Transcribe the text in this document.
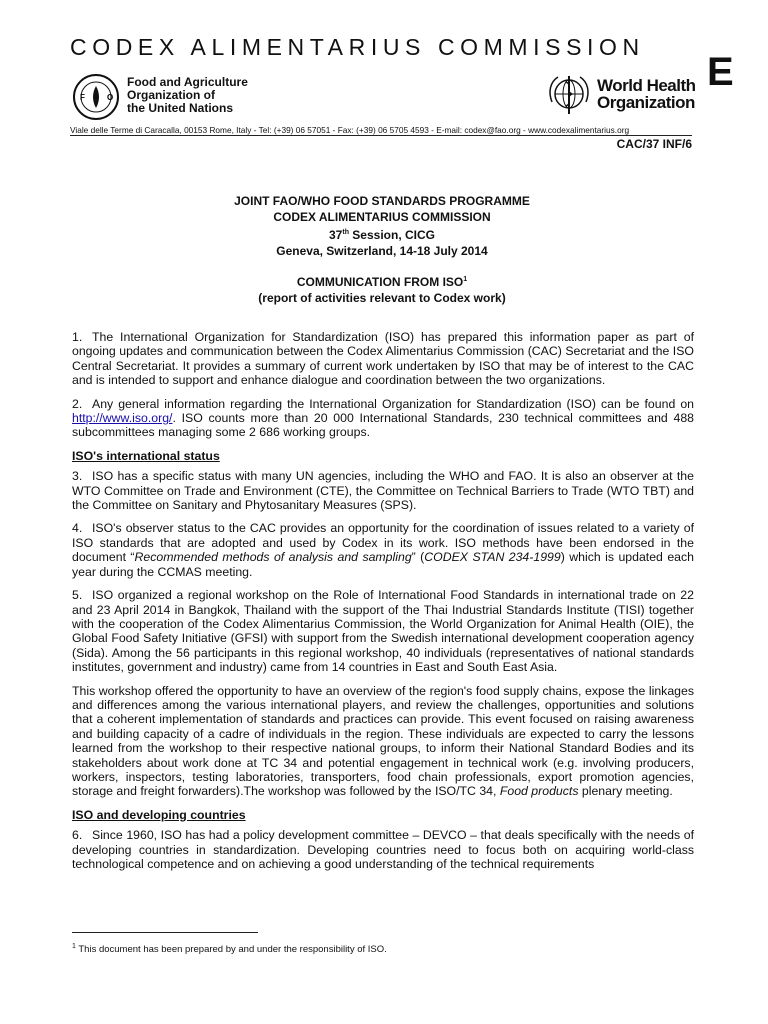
CODEX ALIMENTARIUS COMMISSION
E
F	O
Food and Agriculture
Organization of
the United Nations
World Health
Organization
Viale delle Terme di Caracalla, 00153 Rome, Italy - Tel: (+39) 06 57051 - Fax: (+39) 06 5705 4593 - E-mail: codex@fao.org - www.codexalimentarius.org
CAC/37 INF/6
JOINT FAO/WHO FOOD STANDARDS PROGRAMME
CODEX ALIMENTARIUS COMMISSION
37th Session, CICG
Geneva, Switzerland, 14-18 July 2014
COMMUNICATION FROM ISO$^1$
(report of activities relevant to Codex work)

1. The International Organization for Standardization (ISO) has prepared this information paper as part of ongoing updates and communication between the Codex Alimentarius Commission (CAC) Secretariat and the ISO Central Secretariat. It provides a summary of current work undertaken by ISO that may be of interest to the CAC and is intended to support and enhance dialogue and coordination between the two organizations.

2. Any general information regarding the International Organization for Standardization (ISO) can be found on http://www.iso.org/. ISO counts more than 20 000 International Standards, 230 technical committees and 488 subcommittees managing some 2 686 working groups.

ISO's international status

3. ISO has a specific status with many UN agencies, including the WHO and FAO. It is also an observer at the WTO Committee on Trade and Environment (CTE), the Committee on Technical Barriers to Trade (WTO TBT) and the Committee on Sanitary and Phytosanitary Measures (SPS).

4. ISO's observer status to the CAC provides an opportunity for the coordination of issues related to a variety of ISO standards that are adopted and used by Codex in its work. ISO methods have been endorsed in the document “Recommended methods of analysis and sampling” (CODEX STAN 234-1999) which is updated each year during the CCMAS meeting.

5. ISO organized a regional workshop on the Role of International Food Standards in international trade on 22 and 23 April 2014 in Bangkok, Thailand with the support of the Thai Industrial Standards Institute (TISI) together with the cooperation of the Codex Alimentarius Commission, the World Organization for Animal Health (OIE), the Global Food Safety Initiative (GFSI) with support from the Swedish international development cooperation agency (Sida). Among the 56 participants in this regional workshop, 40 individuals (representatives of national standards institutes, government and industry) came from 14 countries in East and South East Asia.

This workshop offered the opportunity to have an overview of the region's food supply chains, expose the linkages and differences among the various international players, and review the challenges, opportunities and solutions that a coherent implementation of standards and practices can provide. This event focused on raising awareness and building capacity of a cadre of individuals in the region. These individuals are expected to carry the lessons learned from the workshop to their respective national groups, to inform their National Standard Bodies and its stakeholders about work done at TC 34 and potential engagement in technical work (e.g. involving producers, workers, inspectors, testing laboratories, transporters, food chain professionals, export promotion agencies, storage and freight forwarders).The workshop was followed by the ISO/TC 34, Food products plenary meeting.

ISO and developing countries

6. Since 1960, ISO has had a policy development committee – DEVCO – that deals specifically with the needs of developing countries in standardization. Developing countries need to focus both on acquiring world-class technological competence and on achieving a good understanding of the technical requirements

$^1$ This document has been prepared by and under the responsibility of ISO.
